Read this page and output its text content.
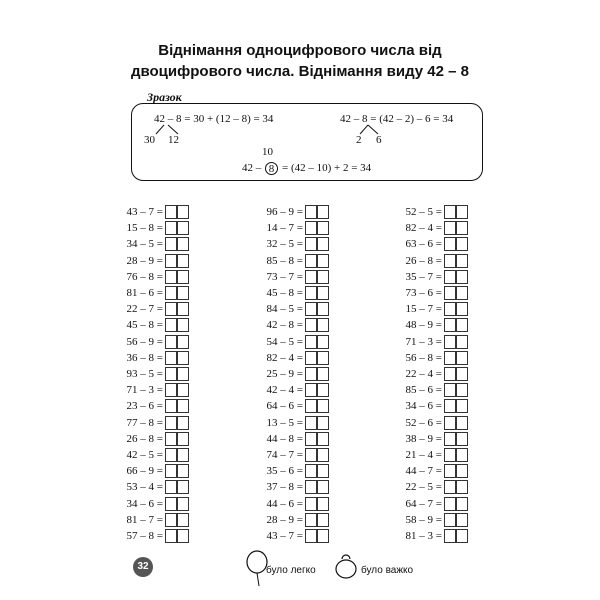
Віднімання одноцифрового числа від
двоцифрового числа. Віднімання виду 42 – 8
Зразок
42 – 8 = 30 + (12 – 8) = 34
30 12
42 – 8 = (42 – 2) – 6 = 34
2 6
10
42 – 8 = (42 – 10) + 2 = 34
43 – 7 =
15 – 8 =
34 – 5 =
28 – 9 =
76 – 8 =
81 – 6 =
22 – 7 =
45 – 8 =
56 – 9 =
36 – 8 =
93 – 5 =
71 – 3 =
23 – 6 =
77 – 8 =
26 – 8 =
42 – 5 =
66 – 9 =
53 – 4 =
34 – 6 =
81 – 7 =
57 – 8 =
96 – 9 =
14 – 7 =
32 – 5 =
85 – 8 =
73 – 7 =
45 – 8 =
84 – 5 =
42 – 8 =
54 – 5 =
82 – 4 =
25 – 9 =
42 – 4 =
64 – 6 =
13 – 5 =
44 – 8 =
74 – 7 =
35 – 6 =
37 – 8 =
44 – 6 =
28 – 9 =
43 – 7 =
52 – 5 =
82 – 4 =
63 – 6 =
26 – 8 =
35 – 7 =
73 – 6 =
15 – 7 =
48 – 9 =
71 – 3 =
56 – 8 =
22 – 4 =
85 – 6 =
34 – 6 =
52 – 6 =
38 – 9 =
21 – 4 =
44 – 7 =
22 – 5 =
64 – 7 =
58 – 9 =
81 – 3 =
32	було легко	було важко
